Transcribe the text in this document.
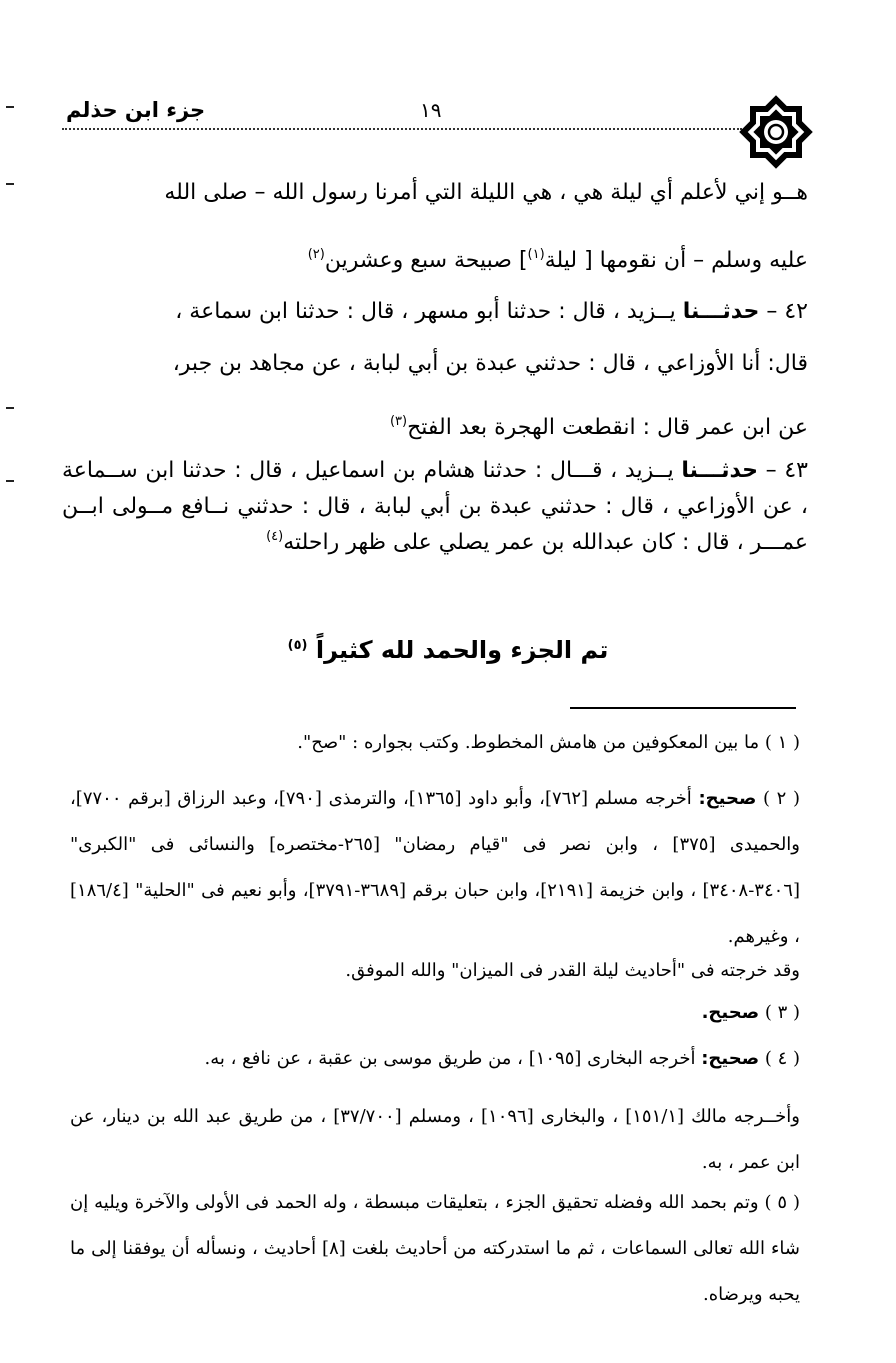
جزء ابن حذلم	١٩

هــو إني لأعلم أي ليلة هي ، هي الليلة التي أمرنا رسول الله – صلى الله

عليه وسلم – أن نقومها [ ليلة$^{(١)}$] صبيحة سبع وعشرين$^{(٢)}$

٤٢ – حدثـــنا يــزيد ، قال : حدثنا أبو مسهر ، قال : حدثنا ابن سماعة ،

قال: أنا الأوزاعي ، قال : حدثني عبدة بن أبي لبابة ، عن مجاهد بن جبر،

عن ابن عمر قال : انقطعت الهجرة بعد الفتح$^{(٣)}$

٤٣ – حدثـــنا يــزيد ، قـــال : حدثنا هشام بن اسماعيل ، قال : حدثنا ابن ســماعة ، عن الأوزاعي ، قال : حدثني عبدة بن أبي لبابة ، قال : حدثني نــافع مــولى ابــن عمـــر ، قال : كان عبدالله بن عمر يصلي على ظهر راحلته$^{(٤)}$

تم الجزء والحمد لله كثيراً $^{(٥)}$

( ١ ) ما بين المعكوفين من هامش المخطوط. وكتب بجواره : "صح".

( ٢ ) صحيح: أخرجه مسلم [٧٦٢]، وأبو داود [١٣٦٥]، والترمذى [٧٩٠]، وعبد الرزاق [برقم ٧٧٠٠]، والحميدى [٣٧٥] ، وابن نصر فى "قيام رمضان" [٢٦٥-مختصره] والنسائى فى "الكبرى" [٣٤٠٦-٣٤٠٨] ، وابن خزيمة [٢١٩١]، وابن حبان برقم [٣٦٨٩-٣٧٩١]، وأبو نعيم فى "الحلية" [١٨٦/٤] ، وغيرهم.

وقد خرجته فى "أحاديث ليلة القدر فى الميزان" والله الموفق.

( ٣ ) صحيح.

( ٤ ) صحيح: أخرجه البخارى [١٠٩٥] ، من طريق موسى بن عقبة ، عن نافع ، به.

وأخــرجه مالك [١٥١/١] ، والبخارى [١٠٩٦] ، ومسلم [٣٧/٧٠٠] ، من طريق عبد الله بن دينار، عن ابن عمر ، به.

( ٥ ) وتم بحمد الله وفضله تحقيق الجزء ، بتعليقات مبسطة ، وله الحمد فى الأولى والآخرة ويليه إن شاء الله تعالى السماعات ، ثم ما استدركته من أحاديث بلغت [٨] أحاديث ، ونسأله أن يوفقنا إلى ما يحبه ويرضاه.
